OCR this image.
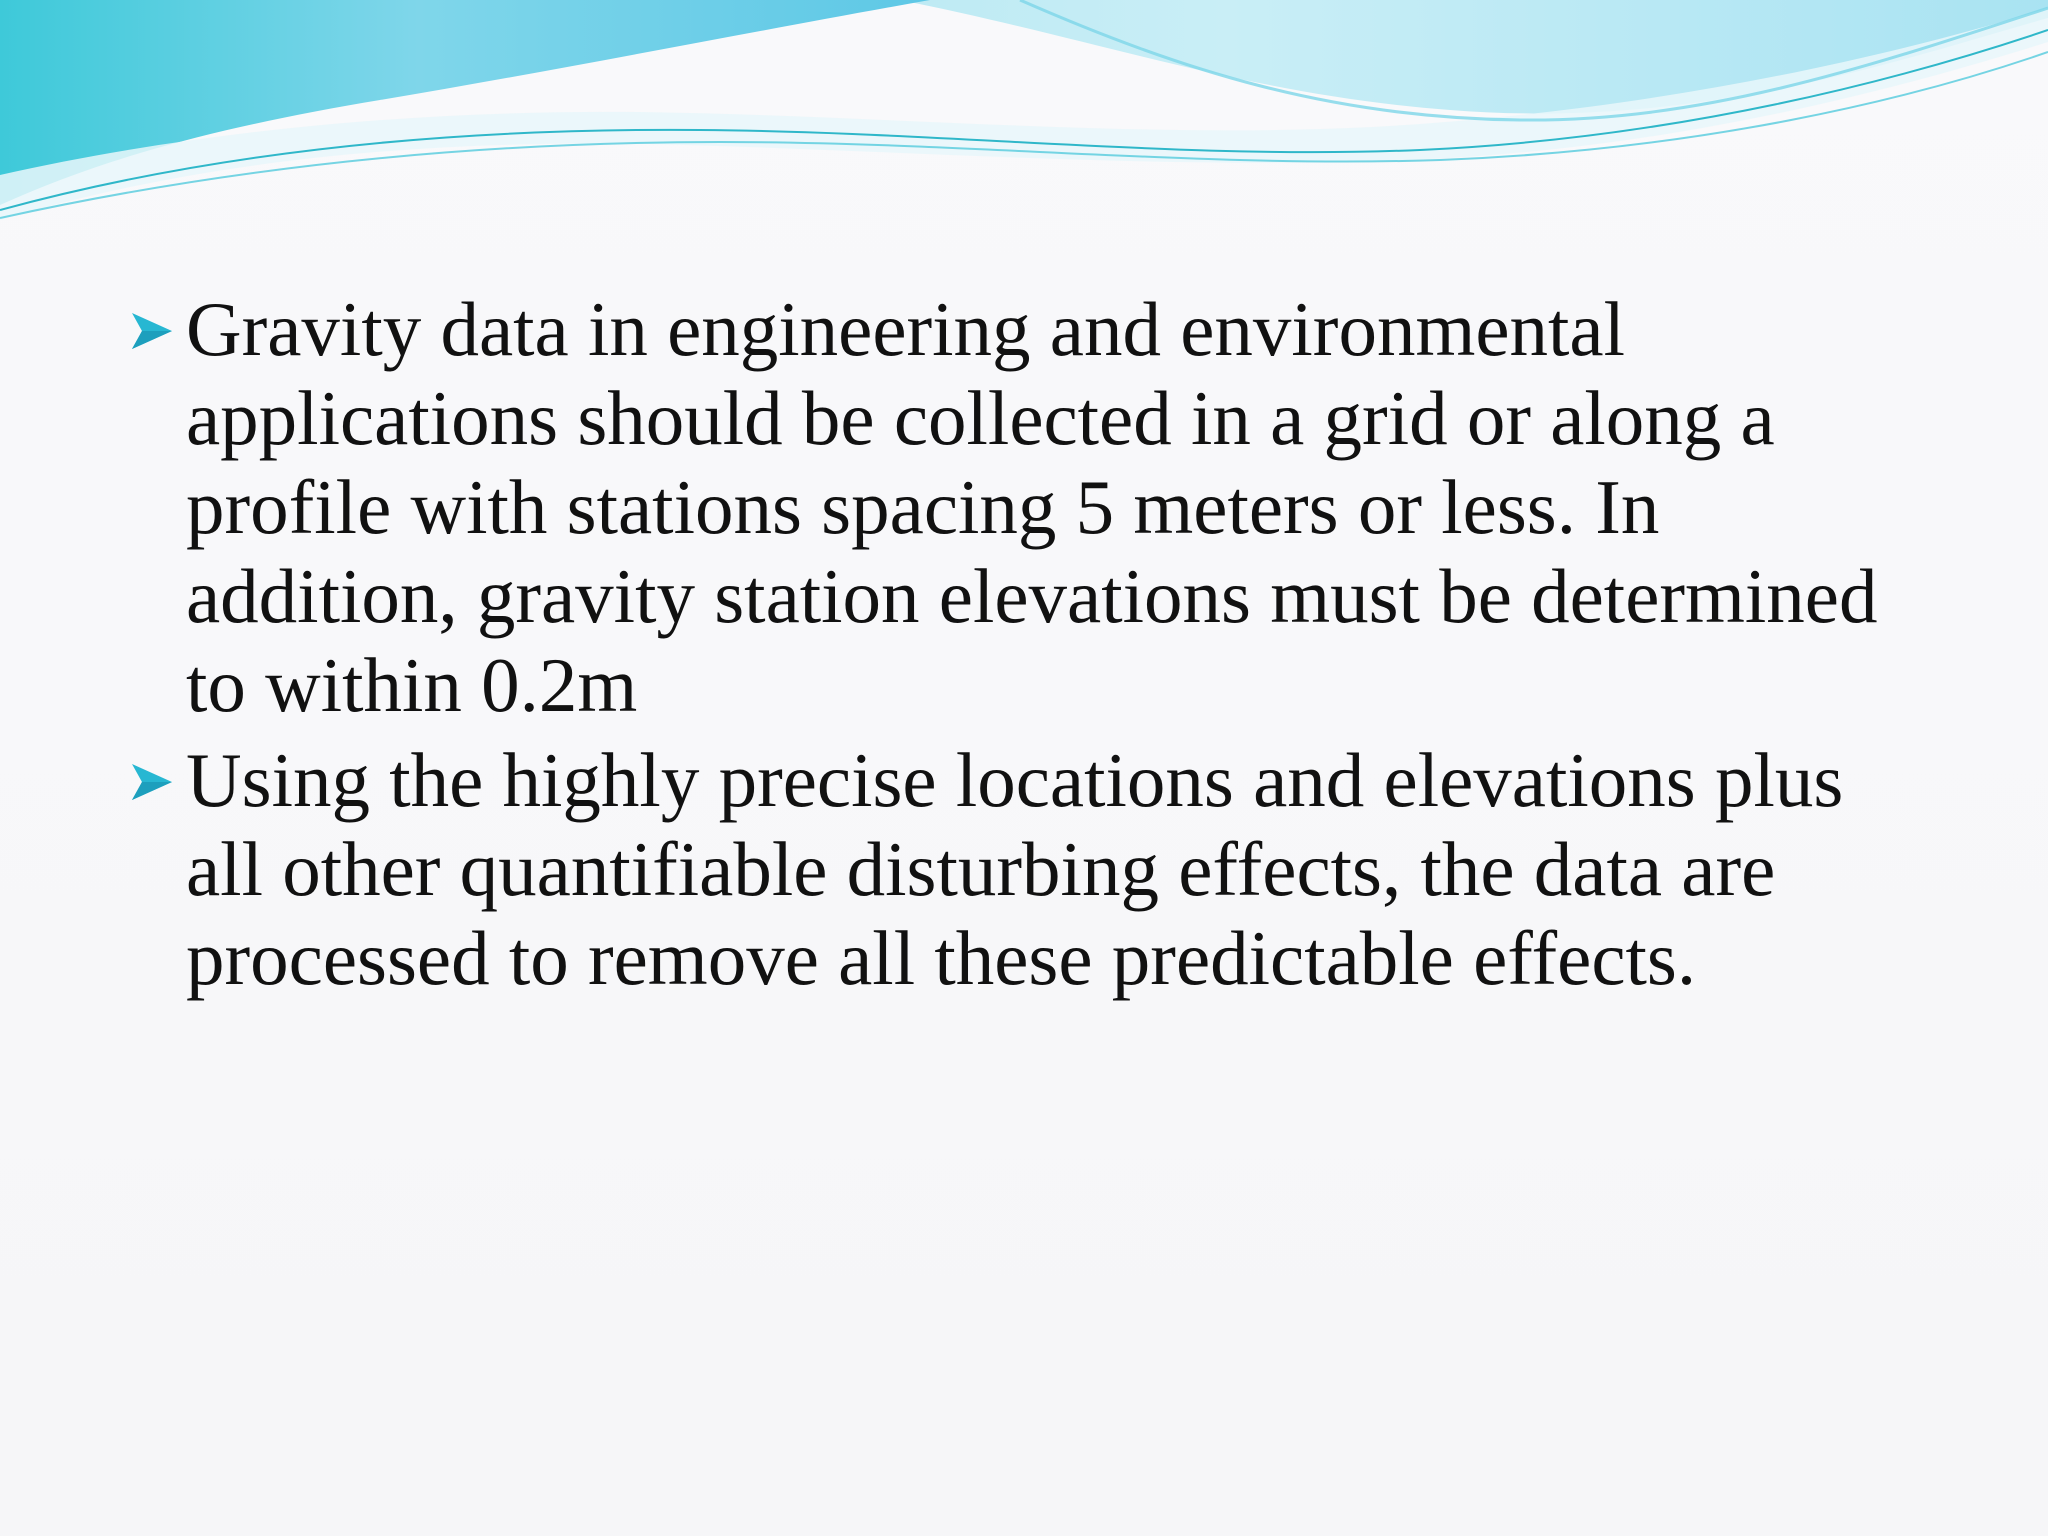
Gravity data in engineering and environmental applications should be collected in a grid or along a profile with stations spacing 5 meters or less. In addition, gravity station elevations must be determined to within 0.2m
Using the highly precise locations and elevations plus all other quantifiable disturbing effects, the data are processed to remove all these predictable effects.
